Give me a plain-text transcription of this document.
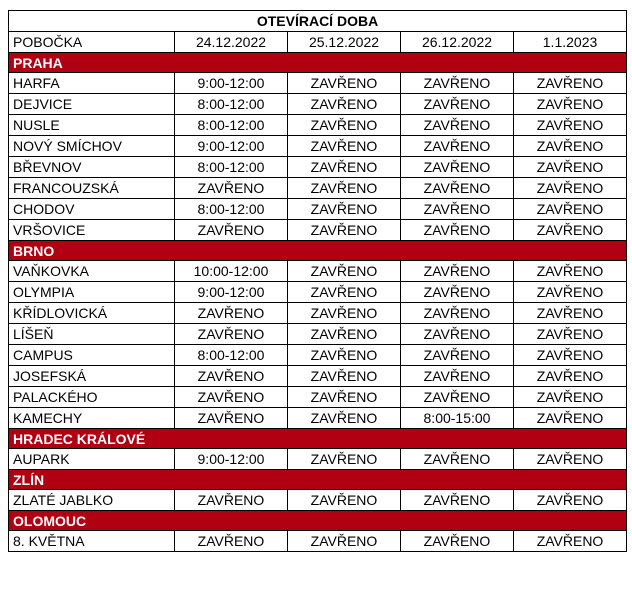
OTEVÍRACÍ DOBA				
POBOČKA	24.12.2022	25.12.2022	26.12.2022	1.1.2023
PRAHA				
HARFA	9:00-12:00	ZAVŘENO	ZAVŘENO	ZAVŘENO
DEJVICE	8:00-12:00	ZAVŘENO	ZAVŘENO	ZAVŘENO
NUSLE	8:00-12:00	ZAVŘENO	ZAVŘENO	ZAVŘENO
NOVÝ SMÍCHOV	9:00-12:00	ZAVŘENO	ZAVŘENO	ZAVŘENO
BŘEVNOV	8:00-12:00	ZAVŘENO	ZAVŘENO	ZAVŘENO
FRANCOUZSKÁ	ZAVŘENO	ZAVŘENO	ZAVŘENO	ZAVŘENO
CHODOV	8:00-12:00	ZAVŘENO	ZAVŘENO	ZAVŘENO
VRŠOVICE	ZAVŘENO	ZAVŘENO	ZAVŘENO	ZAVŘENO
BRNO				
VAŇKOVKA	10:00-12:00	ZAVŘENO	ZAVŘENO	ZAVŘENO
OLYMPIA	9:00-12:00	ZAVŘENO	ZAVŘENO	ZAVŘENO
KŘÍDLOVICKÁ	ZAVŘENO	ZAVŘENO	ZAVŘENO	ZAVŘENO
LÍŠEŇ	ZAVŘENO	ZAVŘENO	ZAVŘENO	ZAVŘENO
CAMPUS	8:00-12:00	ZAVŘENO	ZAVŘENO	ZAVŘENO
JOSEFSKÁ	ZAVŘENO	ZAVŘENO	ZAVŘENO	ZAVŘENO
PALACKÉHO	ZAVŘENO	ZAVŘENO	ZAVŘENO	ZAVŘENO
KAMECHY	ZAVŘENO	ZAVŘENO	8:00-15:00	ZAVŘENO
HRADEC KRÁLOVÉ				
AUPARK	9:00-12:00	ZAVŘENO	ZAVŘENO	ZAVŘENO
ZLÍN				
ZLATÉ JABLKO	ZAVŘENO	ZAVŘENO	ZAVŘENO	ZAVŘENO
OLOMOUC				
8. KVĚTNA	ZAVŘENO	ZAVŘENO	ZAVŘENO	ZAVŘENO
